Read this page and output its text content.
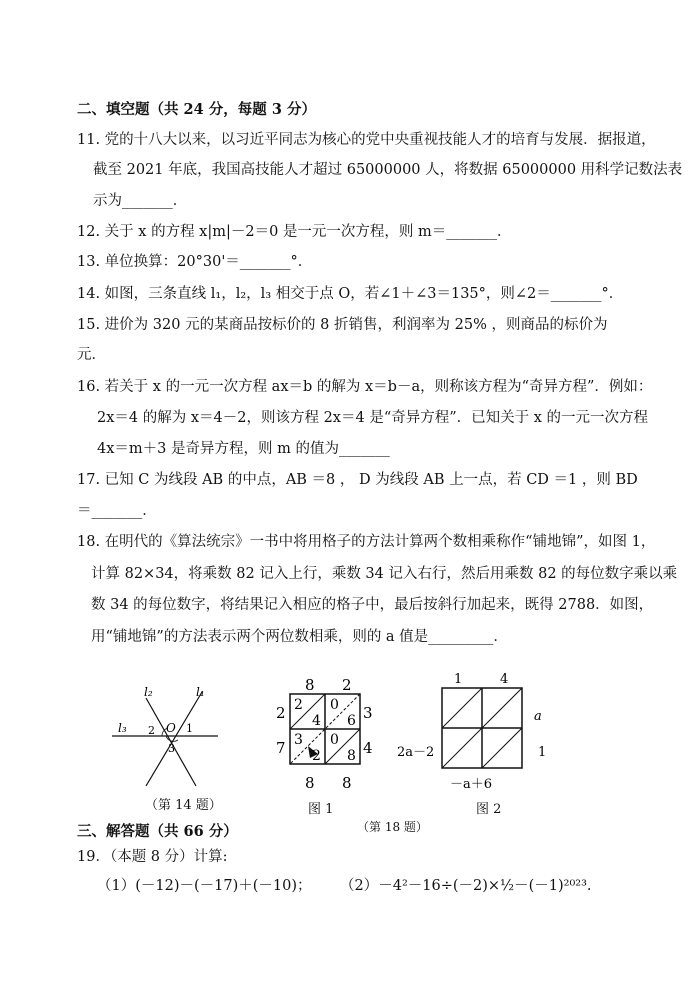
二、填空题（共 24 分，每题 3 分）
11. 党的十八大以来，以习近平同志为核心的党中央重视技能人才的培育与发展．据报道，
截至 2021 年底，我国高技能人才超过 65000000 人，将数据 65000000 用科学记数法表
示为_______．
12. 关于 x 的方程 x|m|－2＝0 是一元一次方程，则 m＝_______．
13. 单位换算：20°30'＝_______°．
14. 如图，三条直线 l₁，l₂，l₃ 相交于点 O，若∠1＋∠3＝135°，则∠2＝_______°．
15. 进价为 320 元的某商品按标价的 8 折销售，利润率为 25% ，则商品的标价为
元．
16. 若关于 x 的一元一次方程 ax＝b 的解为 x＝b－a，则称该方程为“奇异方程”．例如：
2x＝4 的解为 x＝4－2，则该方程 2x＝4 是“奇异方程”．已知关于 x 的一元一次方程
4x＝m＋3 是奇异方程，则 m 的值为_______
17. 已知 C 为线段 AB 的中点，AB ＝8 ， D 为线段 AB 上一点，若 CD ＝1 ，则 BD
＝_______．
18. 在明代的《算法统宗》一书中将用格子的方法计算两个数相乘称作“铺地锦”，如图 1，
计算 82×34，将乘数 82 记入上行，乘数 34 记入右行，然后用乘数 82 的每位数字乘以乘
数 34 的每位数字，将结果记入相应的格子中，最后按斜行加起来，既得 2788．如图，
用“铺地锦”的方法表示两个两位数相乘，则的 a 值是_________．
l₂	l₁
l₃	O 1
2
3
（第 14 题）
8 2
2
7
3
4
8 8
2
4
0
6
3
2
0
8
图 1
1	4
a
1
2a－2
－a＋6
图 2
（第 18 题）
三、解答题（共 66 分）
19．（本题 8 分）计算:
（1）(－12)－(－17)＋(－10)； （2）－4²－16÷(－2)×½－(－1)²⁰²³.
